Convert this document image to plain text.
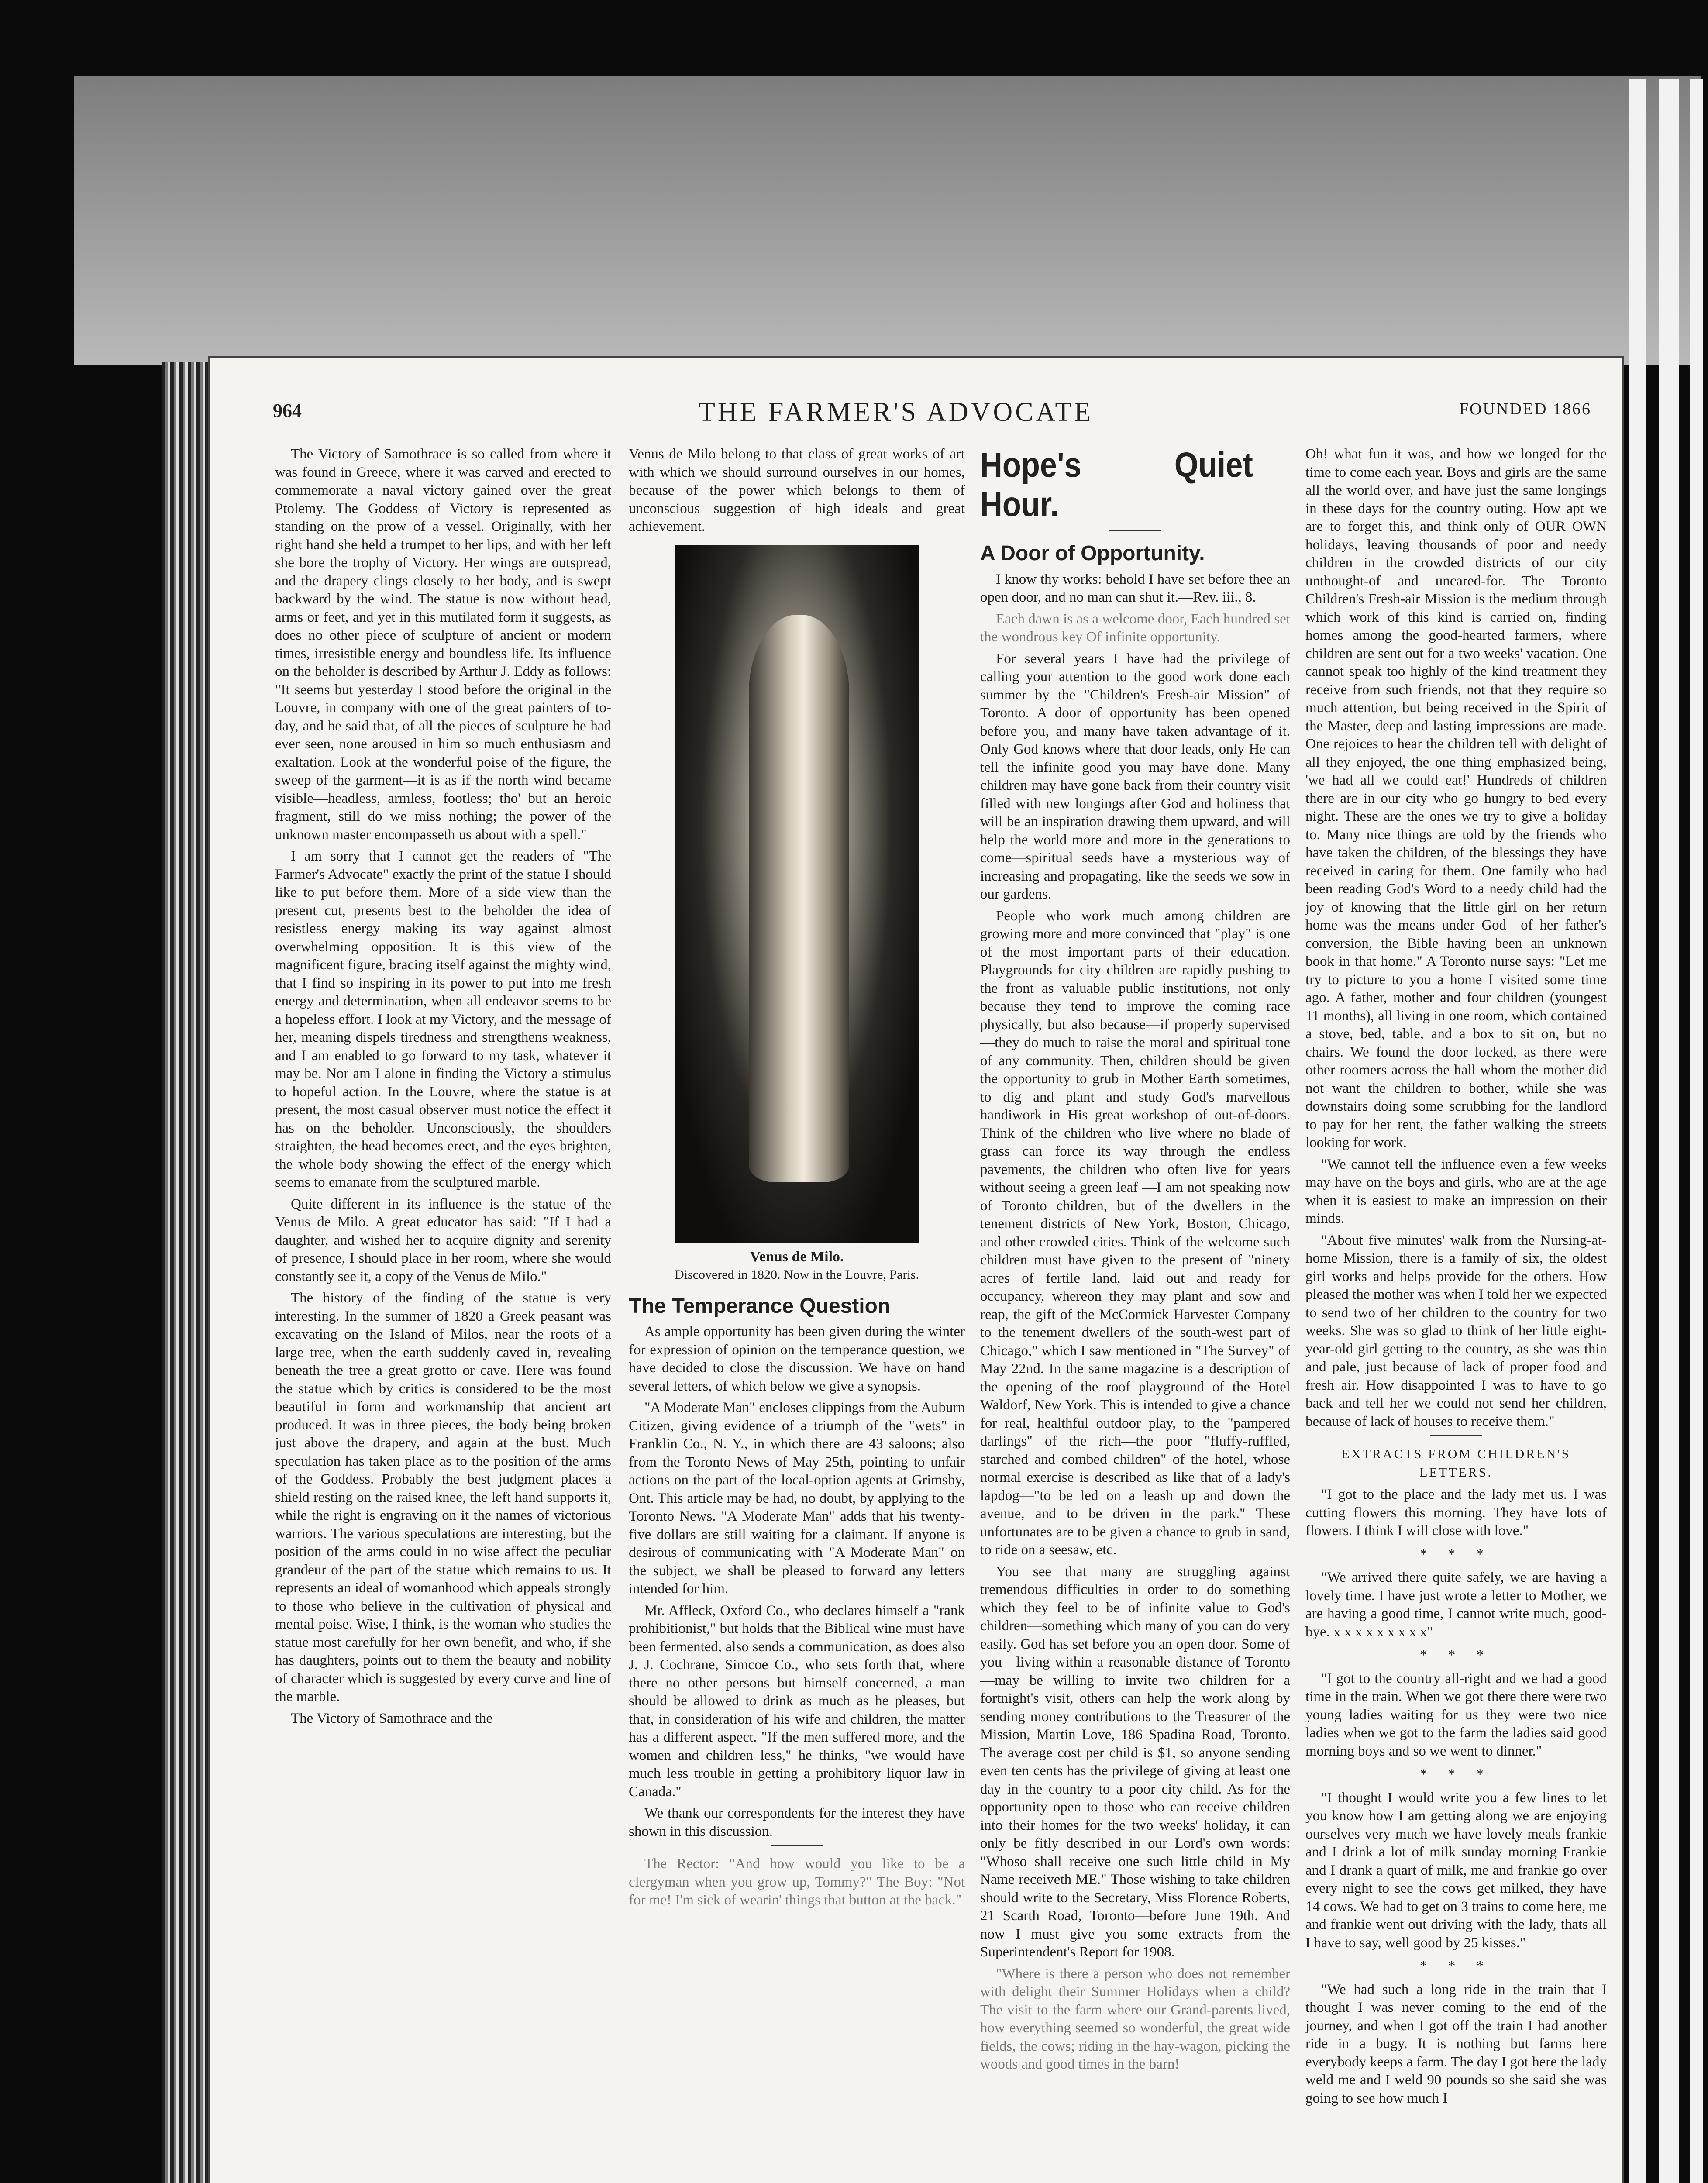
964	THE FARMER'S ADVOCATE	FOUNDED 1866

The Victory of Samothrace is so called from where it was found in Greece, where it was carved and erected to commemorate a naval victory gained over the great Ptolemy. The Goddess of Victory is represented as standing on the prow of a vessel. Originally, with her right hand she held a trumpet to her lips, and with her left she bore the trophy of Victory. Her wings are outspread, and the drapery clings closely to her body, and is swept backward by the wind. The statue is now without head, arms or feet, and yet in this mutilated form it suggests, as does no other piece of sculpture of ancient or modern times, irresistible energy and boundless life. Its influence on the beholder is described by Arthur J. Eddy as follows: "It seems but yesterday I stood before the original in the Louvre, in company with one of the great painters of to-day, and he said that, of all the pieces of sculpture he had ever seen, none aroused in him so much enthusiasm and exaltation. Look at the wonderful poise of the figure, the sweep of the garment—it is as if the north wind became visible—headless, armless, footless; tho' but an heroic fragment, still do we miss nothing; the power of the unknown master encompasseth us about with a spell."

I am sorry that I cannot get the readers of "The Farmer's Advocate" exactly the print of the statue I should like to put before them. More of a side view than the present cut, presents best to the beholder the idea of resistless energy making its way against almost overwhelming opposition. It is this view of the magnificent figure, bracing itself against the mighty wind, that I find so inspiring in its power to put into me fresh energy and determination, when all endeavor seems to be a hopeless effort. I look at my Victory, and the message of her, meaning dispels tiredness and strengthens weakness, and I am enabled to go forward to my task, whatever it may be. Nor am I alone in finding the Victory a stimulus to hopeful action. In the Louvre, where the statue is at present, the most casual observer must notice the effect it has on the beholder. Unconsciously, the shoulders straighten, the head becomes erect, and the eyes brighten, the whole body showing the effect of the energy which seems to emanate from the sculptured marble.

Quite different in its influence is the statue of the Venus de Milo. A great educator has said: "If I had a daughter, and wished her to acquire dignity and serenity of presence, I should place in her room, where she would constantly see it, a copy of the Venus de Milo."

The history of the finding of the statue is very interesting. In the summer of 1820 a Greek peasant was excavating on the Island of Milos, near the roots of a large tree, when the earth suddenly caved in, revealing beneath the tree a great grotto or cave. Here was found the statue which by critics is considered to be the most beautiful in form and workmanship that ancient art produced. It was in three pieces, the body being broken just above the drapery, and again at the bust. Much speculation has taken place as to the position of the arms of the Goddess. Probably the best judgment places a shield resting on the raised knee, the left hand supports it, while the right is engraving on it the names of victorious warriors. The various speculations are interesting, but the position of the arms could in no wise affect the peculiar grandeur of the part of the statue which remains to us. It represents an ideal of womanhood which appeals strongly to those who believe in the cultivation of physical and mental poise. Wise, I think, is the woman who studies the statue most carefully for her own benefit, and who, if she has daughters, points out to them the beauty and nobility of character which is suggested by every curve and line of the marble.

The Victory of Samothrace and the

Venus de Milo belong to that class of great works of art with which we should surround ourselves in our homes, because of the power which belongs to them of unconscious suggestion of high ideals and great achievement.

Venus de Milo.
Discovered in 1820. Now in the Louvre, Paris.
The Temperance Question

As ample opportunity has been given during the winter for expression of opinion on the temperance question, we have decided to close the discussion. We have on hand several letters, of which below we give a synopsis.

"A Moderate Man" encloses clippings from the Auburn Citizen, giving evidence of a triumph of the "wets" in Franklin Co., N. Y., in which there are 43 saloons; also from the Toronto News of May 25th, pointing to unfair actions on the part of the local-option agents at Grimsby, Ont. This article may be had, no doubt, by applying to the Toronto News. "A Moderate Man" adds that his twenty-five dollars are still waiting for a claimant. If anyone is desirous of communicating with "A Moderate Man" on the subject, we shall be pleased to forward any letters intended for him.

Mr. Affleck, Oxford Co., who declares himself a "rank prohibitionist," but holds that the Biblical wine must have been fermented, also sends a communication, as does also J. J. Cochrane, Simcoe Co., who sets forth that, where there no other persons but himself concerned, a man should be allowed to drink as much as he pleases, but that, in consideration of his wife and children, the matter has a different aspect. "If the men suffered more, and the women and children less," he thinks, "we would have much less trouble in getting a prohibitory liquor law in Canada."

We thank our correspondents for the interest they have shown in this discussion.

The Rector: "And how would you like to be a clergyman when you grow up, Tommy?" The Boy: "Not for me! I'm sick of wearin' things that button at the back."

Hope's Quiet Hour.
A Door of Opportunity.

I know thy works: behold I have set before thee an open door, and no man can shut it.—Rev. iii., 8.

Each dawn is as a welcome door, Each hundred set the wondrous key Of infinite opportunity.

For several years I have had the privilege of calling your attention to the good work done each summer by the "Children's Fresh-air Mission" of Toronto. A door of opportunity has been opened before you, and many have taken advantage of it. Only God knows where that door leads, only He can tell the infinite good you may have done. Many children may have gone back from their country visit filled with new longings after God and holiness that will be an inspiration drawing them upward, and will help the world more and more in the generations to come—spiritual seeds have a mysterious way of increasing and propagating, like the seeds we sow in our gardens.

People who work much among children are growing more and more convinced that "play" is one of the most important parts of their education. Playgrounds for city children are rapidly pushing to the front as valuable public institutions, not only because they tend to improve the coming race physically, but also because—if properly supervised—they do much to raise the moral and spiritual tone of any community. Then, children should be given the opportunity to grub in Mother Earth sometimes, to dig and plant and study God's marvellous handiwork in His great workshop of out-of-doors. Think of the children who live where no blade of grass can force its way through the endless pavements, the children who often live for years without seeing a green leaf —I am not speaking now of Toronto children, but of the dwellers in the tenement districts of New York, Boston, Chicago, and other crowded cities. Think of the welcome such children must have given to the present of "ninety acres of fertile land, laid out and ready for occupancy, whereon they may plant and sow and reap, the gift of the McCormick Harvester Company to the tenement dwellers of the south-west part of Chicago," which I saw mentioned in "The Survey" of May 22nd. In the same magazine is a description of the opening of the roof playground of the Hotel Waldorf, New York. This is intended to give a chance for real, healthful outdoor play, to the "pampered darlings" of the rich—the poor "fluffy-ruffled, starched and combed children" of the hotel, whose normal exercise is described as like that of a lady's lapdog—"to be led on a leash up and down the avenue, and to be driven in the park." These unfortunates are to be given a chance to grub in sand, to ride on a seesaw, etc.

You see that many are struggling against tremendous difficulties in order to do something which they feel to be of infinite value to God's children—something which many of you can do very easily. God has set before you an open door. Some of you—living within a reasonable distance of Toronto—may be willing to invite two children for a fortnight's visit, others can help the work along by sending money contributions to the Treasurer of the Mission, Martin Love, 186 Spadina Road, Toronto. The average cost per child is $1, so anyone sending even ten cents has the privilege of giving at least one day in the country to a poor city child. As for the opportunity open to those who can receive children into their homes for the two weeks' holiday, it can only be fitly described in our Lord's own words: "Whoso shall receive one such little child in My Name receiveth ME." Those wishing to take children should write to the Secretary, Miss Florence Roberts, 21 Scarth Road, Toronto—before June 19th. And now I must give you some extracts from the Superintendent's Report for 1908.

"Where is there a person who does not remember with delight their Summer Holidays when a child? The visit to the farm where our Grand-parents lived, how everything seemed so wonderful, the great wide fields, the cows; riding in the hay-wagon, picking the woods and good times in the barn!

Oh! what fun it was, and how we longed for the time to come each year. Boys and girls are the same all the world over, and have just the same longings in these days for the country outing. How apt we are to forget this, and think only of OUR OWN holidays, leaving thousands of poor and needy children in the crowded districts of our city unthought-of and uncared-for. The Toronto Children's Fresh-air Mission is the medium through which work of this kind is carried on, finding homes among the good-hearted farmers, where children are sent out for a two weeks' vacation. One cannot speak too highly of the kind treatment they receive from such friends, not that they require so much attention, but being received in the Spirit of the Master, deep and lasting impressions are made. One rejoices to hear the children tell with delight of all they enjoyed, the one thing emphasized being, 'we had all we could eat!' Hundreds of children there are in our city who go hungry to bed every night. These are the ones we try to give a holiday to. Many nice things are told by the friends who have taken the children, of the blessings they have received in caring for them. One family who had been reading God's Word to a needy child had the joy of knowing that the little girl on her return home was the means under God—of her father's conversion, the Bible having been an unknown book in that home." A Toronto nurse says: "Let me try to picture to you a home I visited some time ago. A father, mother and four children (youngest 11 months), all living in one room, which contained a stove, bed, table, and a box to sit on, but no chairs. We found the door locked, as there were other roomers across the hall whom the mother did not want the children to bother, while she was downstairs doing some scrubbing for the landlord to pay for her rent, the father walking the streets looking for work.

"We cannot tell the influence even a few weeks may have on the boys and girls, who are at the age when it is easiest to make an impression on their minds.

"About five minutes' walk from the Nursing-at-home Mission, there is a family of six, the oldest girl works and helps provide for the others. How pleased the mother was when I told her we expected to send two of her children to the country for two weeks. She was so glad to think of her little eight-year-old girl getting to the country, as she was thin and pale, just because of lack of proper food and fresh air. How disappointed I was to have to go back and tell her we could not send her children, because of lack of houses to receive them."

EXTRACTS FROM CHILDREN'S LETTERS.

"I got to the place and the lady met us. I was cutting flowers this morning. They have lots of flowers. I think I will close with love."

* * *

"We arrived there quite safely, we are having a lovely time. I have just wrote a letter to Mother, we are having a good time, I cannot write much, good-bye. x x x x x x x x x"

* * *

"I got to the country all-right and we had a good time in the train. When we got there there were two young ladies waiting for us they were two nice ladies when we got to the farm the ladies said good morning boys and so we went to dinner."

* * *

"I thought I would write you a few lines to let you know how I am getting along we are enjoying ourselves very much we have lovely meals frankie and I drink a lot of milk sunday morning Frankie and I drank a quart of milk, me and frankie go over every night to see the cows get milked, they have 14 cows. We had to get on 3 trains to come here, me and frankie went out driving with the lady, thats all I have to say, well good by 25 kisses."

* * *

"We had such a long ride in the train that I thought I was never coming to the end of the journey, and when I got off the train I had another ride in a bugy. It is nothing but farms here everybody keeps a farm. The day I got here the lady weld me and I weld 90 pounds so she said she was going to see how much I
